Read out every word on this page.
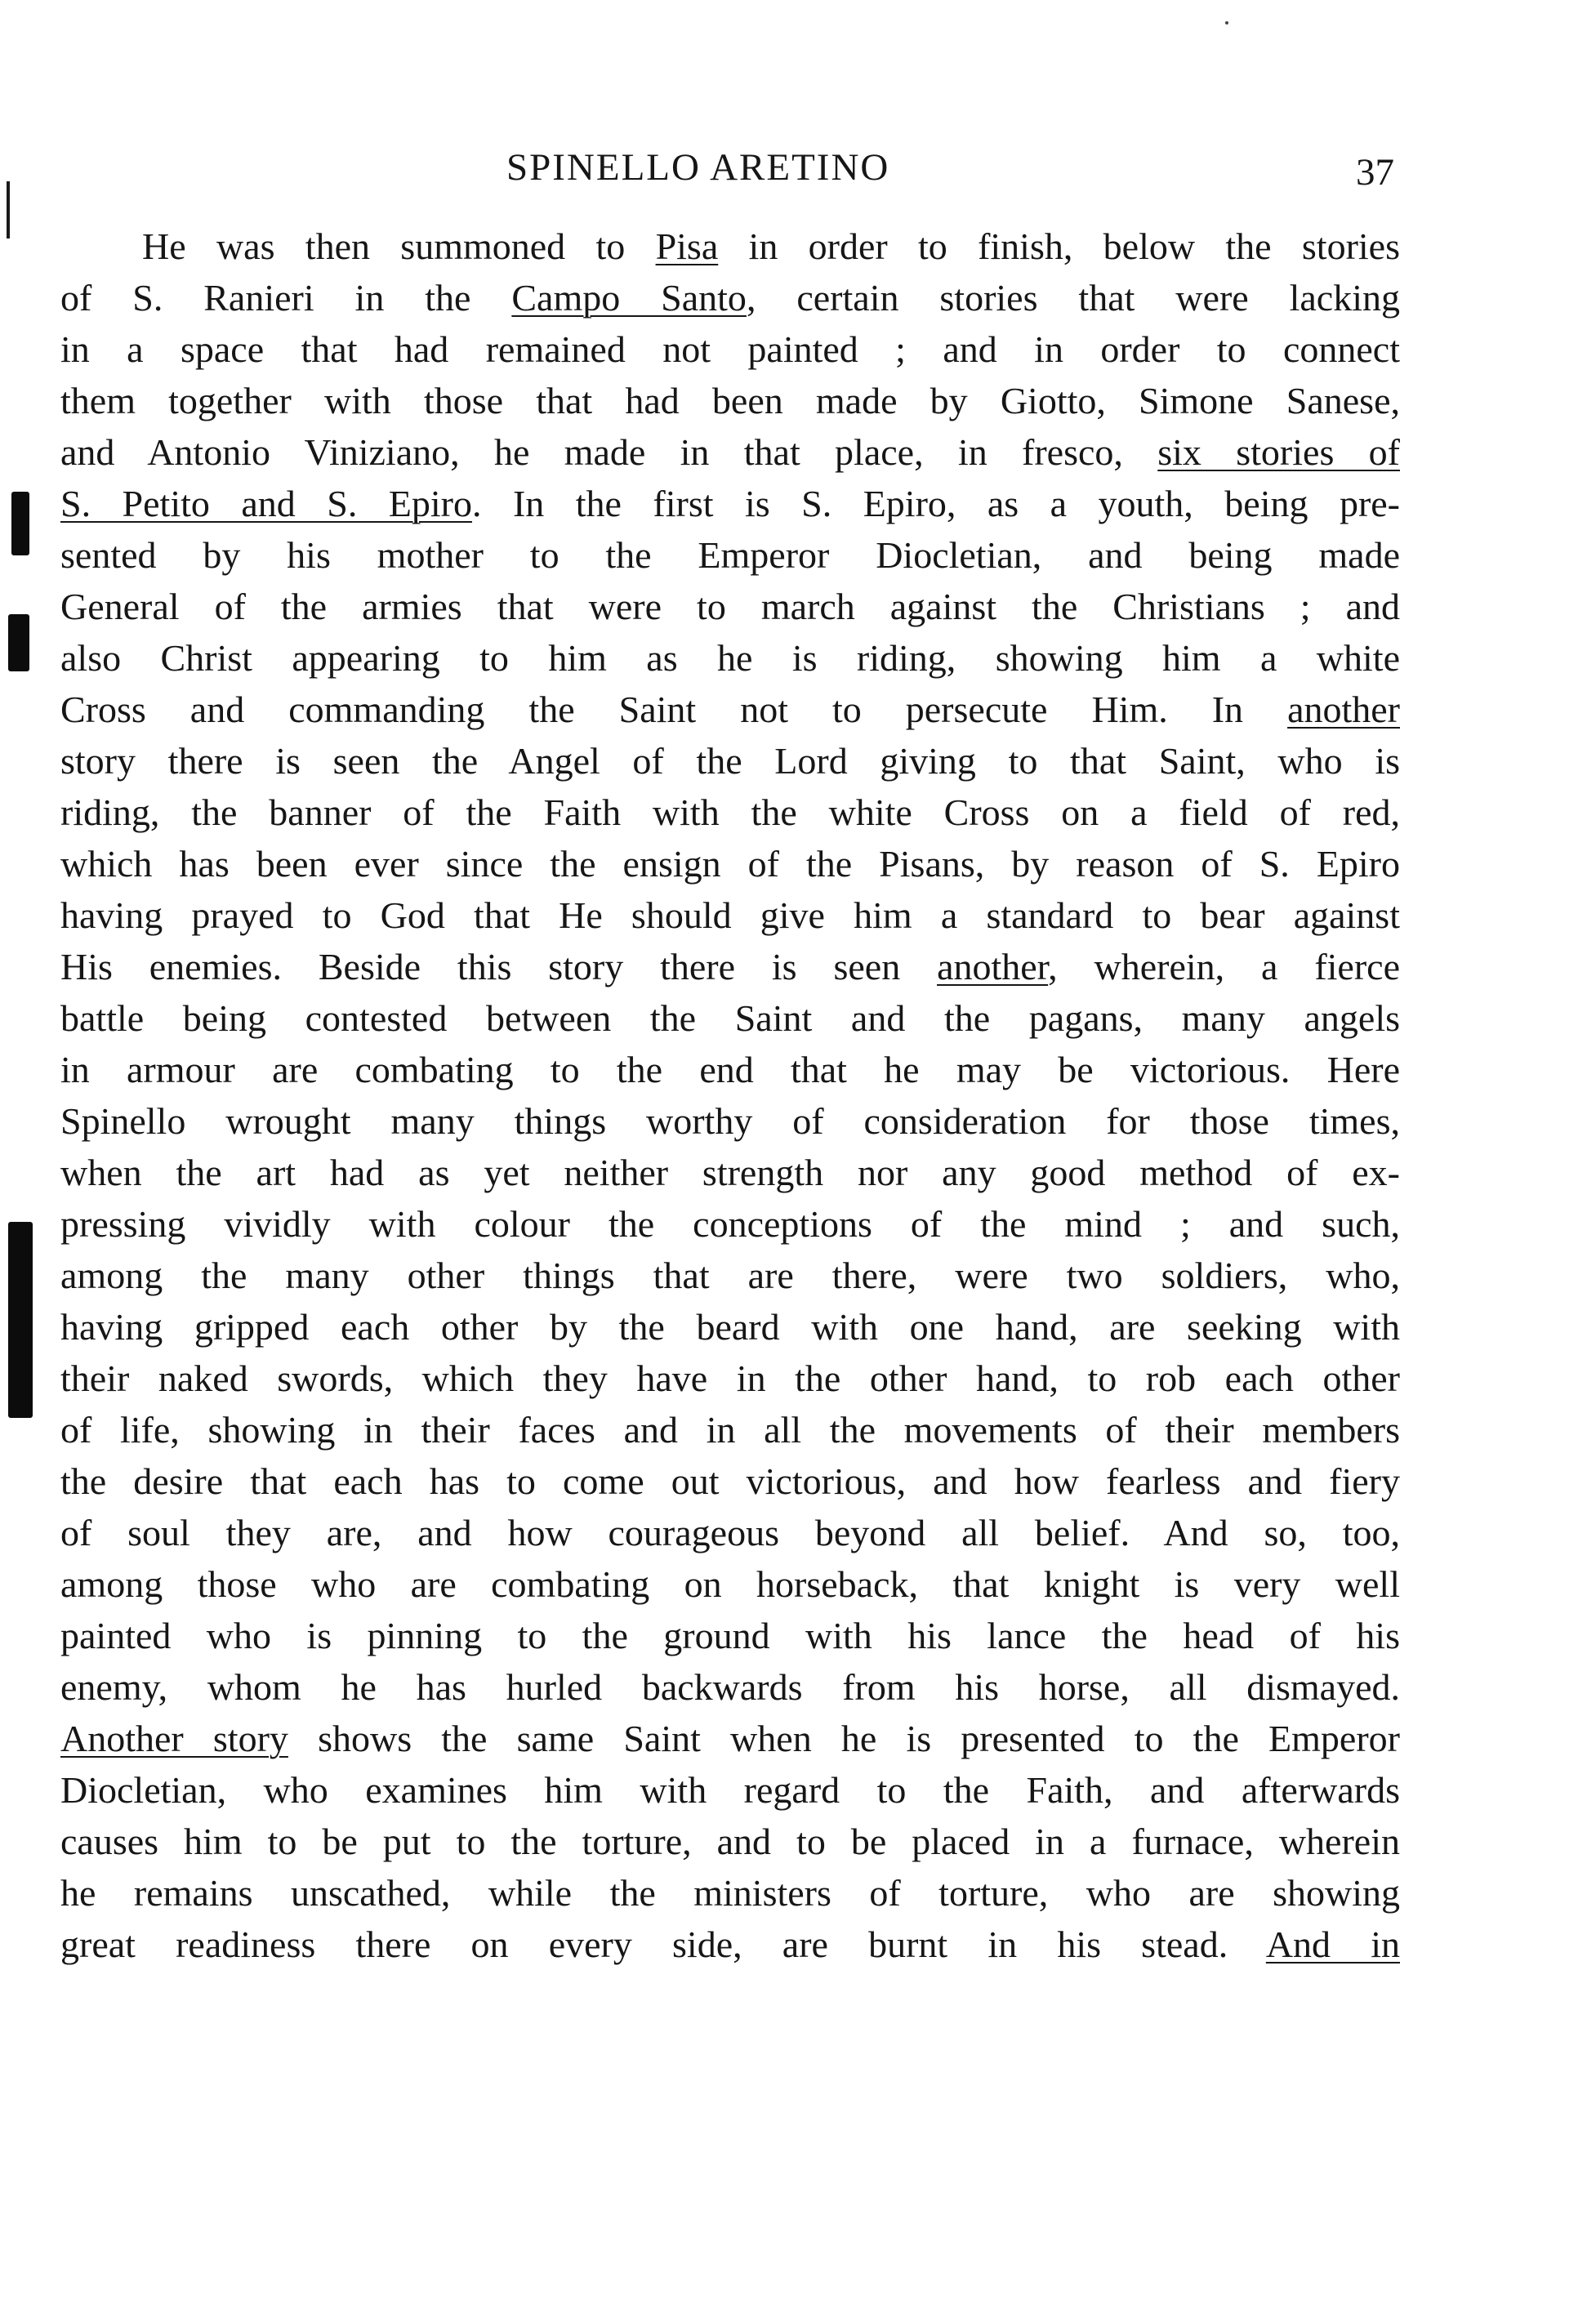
SPINELLO ARETINO	37
He was then summoned to Pisa in order to finish, below the stories
of S. Ranieri in the Campo Santo, certain stories that were lacking
in a space that had remained not painted ; and in order to connect
them together with those that had been made by Giotto, Simone Sanese,
and Antonio Viniziano, he made in that place, in fresco, six stories of
S. Petito and S. Epiro. In the first is S. Epiro, as a youth, being pre-
sented by his mother to the Emperor Diocletian, and being made
General of the armies that were to march against the Christians ; and
also Christ appearing to him as he is riding, showing him a white
Cross and commanding the Saint not to persecute Him. In another
story there is seen the Angel of the Lord giving to that Saint, who is
riding, the banner of the Faith with the white Cross on a field of red,
which has been ever since the ensign of the Pisans, by reason of S. Epiro
having prayed to God that He should give him a standard to bear against
His enemies. Beside this story there is seen another, wherein, a fierce
battle being contested between the Saint and the pagans, many angels
in armour are combating to the end that he may be victorious. Here
Spinello wrought many things worthy of consideration for those times,
when the art had as yet neither strength nor any good method of ex-
pressing vividly with colour the conceptions of the mind ; and such,
among the many other things that are there, were two soldiers, who,
having gripped each other by the beard with one hand, are seeking with
their naked swords, which they have in the other hand, to rob each other
of life, showing in their faces and in all the movements of their members
the desire that each has to come out victorious, and how fearless and fiery
of soul they are, and how courageous beyond all belief. And so, too,
among those who are combating on horseback, that knight is very well
painted who is pinning to the ground with his lance the head of his
enemy, whom he has hurled backwards from his horse, all dismayed.
Another story shows the same Saint when he is presented to the Emperor
Diocletian, who examines him with regard to the Faith, and afterwards
causes him to be put to the torture, and to be placed in a furnace, wherein
he remains unscathed, while the ministers of torture, who are showing
great readiness there on every side, are burnt in his stead. And in
